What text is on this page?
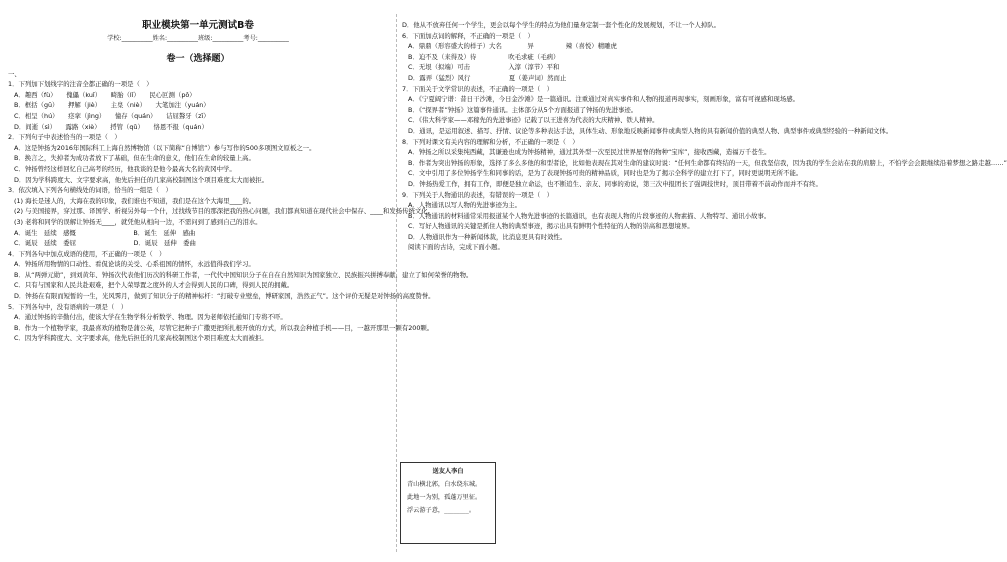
职业模块第一单元测试B卷
学校:__________姓名:__________班级:__________考号:__________
卷一（选择题）
一、
1．下列加下划线字的注音全都正确的一项是（　）
A．趣西（fù）　　傀儡（kuǐ）　　畸胎（lǐ）　　民心叵测（pǒ）
B．框括（gū）　　押解（jiè）　　主臬（niè）　　大笔加注（yuán）
C．相呈（hú）　　痉挛（jìng）　　憧存（quán）　　诘屈聱牙（zī）
D．间逝（sì）　　露路（xiè）　　捋管（qǔ）　　恪恩不报（quán）
2．下列句子中表述恰当的一项是（　）
A．这是钟扬为2016年国际科工上海自然博物馆（以下简称“自博馆”）参与写作的500多项图文原板之一。
B．换言之，失掉者为成功者放下了基础，但在生命的意义，他们在生命的较量上高。
C．钟扬曾经这样回忆自己高考的经历，他我谈的是他今最高大名的黄冈中学。
D．因为学科跨度大、文字要求高，他先后担任的几家高校制图这个项目难度太大而被拒。
3．依次填入下列各句横线处的词语，恰当的一组是（　）
(1) 海长是迷人的，大海在我的印象，我们谁也不知道，我们是在这个大海里____的。
(2) 与美国接界，穿过那、译国学、析视另外每一个什，过找线节目的那深把我的热心问题，我们都真知道在现代社会中保存、____和发扬传统文化。
(3) 老将和同学的误解让钟扬无____，就凭他从相向一边，不需问到了感到自己的泪水。
A．诞生　延续　感慨　　　　　　　　　B．诞生　延伸　感曲
C．诞辰　延续　委屈　　　　　　　　　D．诞辰　延伸　委曲
4．下列各句中加点成语的使用，不正确的一项是（　）
A．钟扬所用物情的口动性、看侃论谈的关受、心系祖国的情怀，永远值得我们学习。
B．从“两弹元勋”，到刘黄年、钟扬次代表他们历次的科研工作者，一代代中国知识分子在自在自然知识为国家独立、民族振兴拼搏奉献，建立了如何荣誉的物物。
C．只有与国家和人民共赴艰难，把个人荣辱置之度外的人才会得到人民的口碑，得到人民的拥戴。
D．钟扬在有限而短暂的一生，光风霁月，做到了知识分子的精神标杆：“打破专业壁垒，博研家国，浩然正气”。这个评价无疑是对钟扬的高度赞誉。
5．下列各句中，没有语病的一项是（　）
A．通过钟扬的辛勤付出，使该大学在生物学科分析数学、物理。因为老师依托通知门专将不吓。
B．作为一个植物学家，我最喜欢的植物是蒲公英，尽管它把种子广撒更把所扎根开放的方式，所以我会种植手机——目，一越开那里一颗有200颗。
C．因为学科跨度大、文字要求高，他先后担任的几家高校制图这个项目难度太大而被拒。
D．他从不放弃任何一个学生，更会以每个学生的特点为他们量身定制一套个性化的发展规划，不让一个人掉队。
6．下面加点词的解释，不正确的一项是（　）
A．鼎鼎（形容盛大的样子）大名　　　　异　　　　　辣（喜悦）精雕虎
B．迫不及（来得及）待　　　　　吹毛求疵（毛病）
C．无垠（拟端）可击　　　　　　入淳（淳节）平和
D．露弄（猛烈）风行　　　　　　夏（姜声词）然而止
7．下面关于文学常识的表述，不正确的一项是（　）
A．《宁夏阔宁谱：昔日干沙滩，今日金沙滩》是一篇通讯。注重通过对真实事件和人物的报道再现事实，刻画形象，富有可视感和现场感。
B．《“探界者”钟扬》这篇事件通讯。主体部分从5个方面报道了钟扬的先进事迹。
C．《伟大科学家——邓稼先的先进事迹》记载了以王进喜为代表的大庆精神、铁人精神。
D．通讯，是运用叙述、描写、抒情、议论等多种表达手法，具体生动、形象地反映新闻事件或典型人物的具有新闻价值的典型人物、典型事件或典型经验的一种新闻文体。
8．下列对课文有关内容的理解和分析，不正确的一项是（　）
A．钟扬之所以采集纯西藏，其谦逊也成为钟扬精神，通过其外型一次至民过世界屋脊的物种“宝库”，接收西藏，造福万千苍生。
B．作者为突出钟扬的形象，选择了多么多他的和型者论，比如他表现在其对生命的建议时说：“任何生命都有终结的一天，但我坚信我，因为我的学生会站在我的肩膀上，不怕学会会跟继续沿着梦想之路走越……”
C．文中引用了多位钟扬学生和同事的话，是为了表现钟扬可贵的精神品质，同时也是为了揭示全科学的建立打下了，同时更说明无所不能。
D．钟扬热爱工作，拥有工作，即便是独立命运，也不断追生、亲友、同事的劝说，第三次申报团长了强调技世时，顶目带着不前动作而并不有终。
9．下列关于人物通讯的表述，有错误的一项是（　）
A．人物通讯以写人物的先进事迹为主。
B．人物通讯的材料通常采用报道某个人物先进事迹的长篇通讯，也有表现人物的片段事迹的人物素描、人物特写、通讯小故事。
C．写好人物通讯的关键是抓住人物的典型事迹，揭示出具有鲜明个性特征的人物的崇高和思想境界。
D．人物通讯作为一种新闻体裁，比消息更具有时效性。
阅读下面的古诗，完成下面小题。
送友人李白
青山横北郭，白水绕东城。
此地一为别，孤蓬万里征。
浮云游子意，________。
